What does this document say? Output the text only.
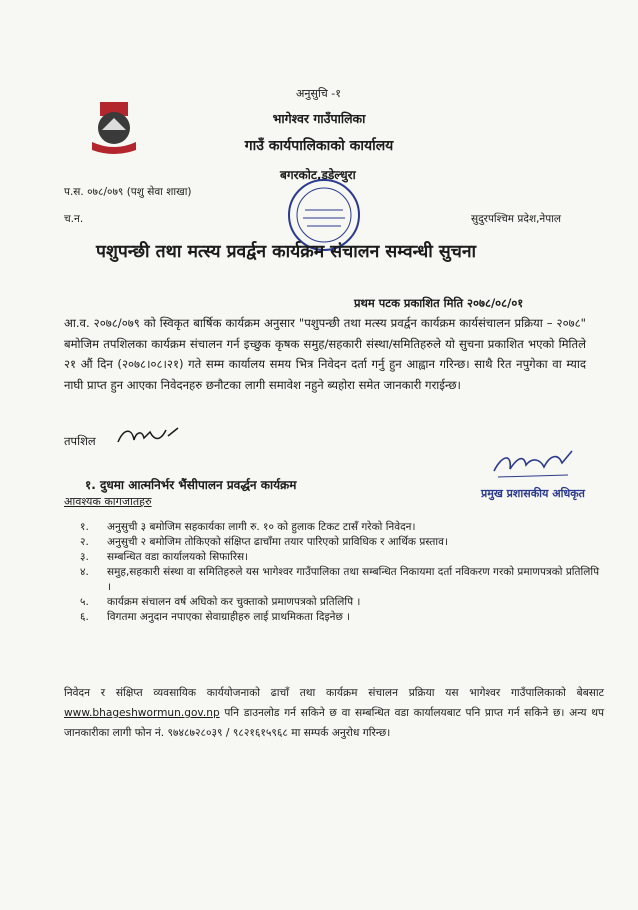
अनुसुचि -१
भागेश्वर गाउँपालिका
गाउँ कार्यपालिकाको कार्यालय
बगरकोट,डडेल्धुरा
प.स. ०७८/०७९ (पशु सेवा शाखा)
च.न.	सुदुरपश्चिम प्रदेश,नेपाल
पशुपन्छी तथा मत्स्य प्रवर्द्वन कार्यक्रम संचालन सम्वन्धी सुचना
प्रथम पटक प्रकाशित मिति २०७८/०८/०१
आ.व. २०७८/०७९ को स्विकृत बार्षिक कार्यक्रम अनुसार "पशुपन्छी तथा मत्स्य प्रवर्द्वन कार्यक्रम कार्यसंचालन प्रक्रिया – २०७८" बमोजिम तपशिलका कार्यक्रम संचालन गर्न इच्छुक कृषक समुह/सहकारी संस्था/समितिहरुले यो सुचना प्रकाशित भएको मितिले २१ औं दिन (२०७८।०८।२१) गते सम्म कार्यालय समय भित्र निवेदन दर्ता गर्नु हुन आह्वान गरिन्छ। साथै रित नपुगेका वा म्याद नाघी प्राप्त हुन आएका निवेदनहरु छनौटका लागी समावेश नहुने ब्यहोरा समेत जानकारी गराईन्छ।
तपशिल
१. दुधमा आत्मनिर्भर भैंसीपालन प्रवर्द्धन कार्यक्रम
प्रमुख प्रशासकीय अधिकृत
आवश्यक कागजातहरु
१.	अनुसुची ३ बमोजिम सहकार्यका लागी रु. १० को हुलाक टिकट टासँ गरेको निवेदन।
२.	अनुसुची २ बमोजिम तोकिएको संक्षिप्त ढाचाँमा तयार पारिएको प्राविधिक र आर्थिक प्रस्ताव।
३.	सम्बन्धित वडा कार्यालयको सिफारिस।
४.	समुह,सहकारी संस्था वा समितिहरुले यस भागेश्वर गाउँपालिका तथा सम्बन्धित निकायमा दर्ता नविकरण गरको प्रमाणपत्रको प्रतिलिपि ।
५.	कार्यक्रम संचालन वर्ष अघिको कर चुक्ताको प्रमाणपत्रको प्रतिलिपि ।
६.	विगतमा अनुदान नपाएका सेवाग्राहीहरु लाई प्राथमिकता दिइनेछ ।
निवेदन र संक्षिप्त व्यवसायिक कार्ययोजनाको ढाचाँ तथा कार्यक्रम संचालन प्रक्रिया यस भागेश्वर गाउँपालिकाको बेबसाट www.bhageshwormun.gov.np पनि डाउनलोड गर्न सकिने छ वा सम्बन्धित वडा कार्यालयबाट पनि प्राप्त गर्न सकिने छ। अन्य थप जानकारीका लागी फोन नं. ९७४८७२८०३९ / ९८२१६१५९६८ मा सम्पर्क अनुरोध गरिन्छ।
